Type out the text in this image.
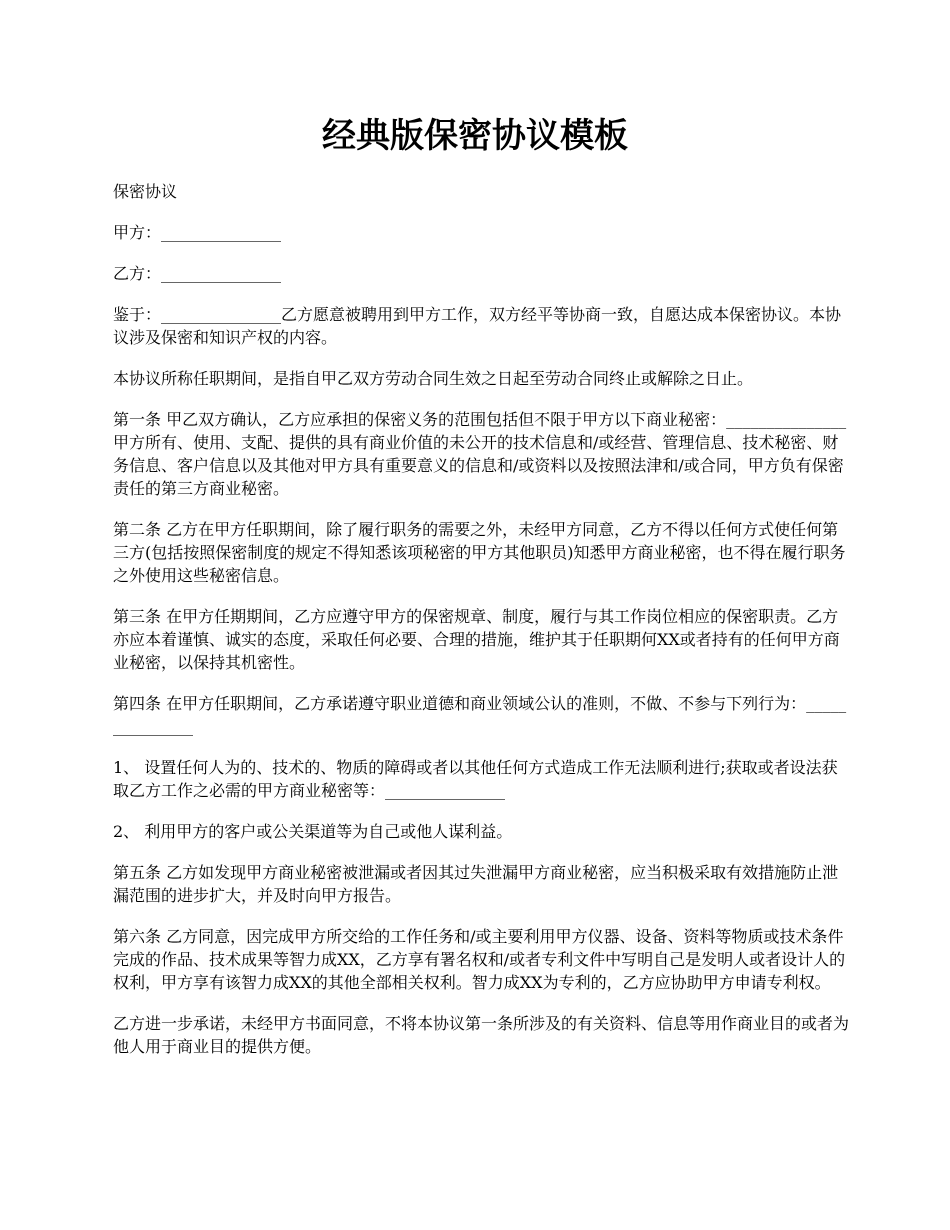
经典版保密协议模板

保密协议

甲方：_______________

乙方：_______________

鉴于：_______________乙方愿意被聘用到甲方工作，双方经平等协商一致，自愿达成本保密协议。本协议涉及保密和知识产权的内容。

本协议所称任职期间，是指自甲乙双方劳动合同生效之日起至劳动合同终止或解除之日止。

第一条 甲乙双方确认，乙方应承担的保密义务的范围包括但不限于甲方以下商业秘密：_______________甲方所有、使用、支配、提供的具有商业价值的未公开的技术信息和/或经营、管理信息、技术秘密、财务信息、客户信息以及其他对甲方具有重要意义的信息和/或资料以及按照法津和/或合同，甲方负有保密责任的第三方商业秘密。

第二条 乙方在甲方任职期间，除了履行职务的需要之外，未经甲方同意，乙方不得以任何方式使任何第三方(包括按照保密制度的规定不得知悉该项秘密的甲方其他职员)知悉甲方商业秘密，也不得在履行职务之外使用这些秘密信息。

第三条 在甲方任期期间，乙方应遵守甲方的保密规章、制度，履行与其工作岗位相应的保密职责。乙方亦应本着谨慎、诚实的态度，采取任何必要、合理的措施，维护其于任职期何XX或者持有的任何甲方商业秘密，以保持其机密性。

第四条 在甲方任职期间，乙方承诺遵守职业道德和商业领域公认的准则，不做、不参与下列行为：_______________

1、 设置任何人为的、技术的、物质的障碍或者以其他任何方式造成工作无法顺利进行;获取或者设法获取乙方工作之必需的甲方商业秘密等：_______________

2、 利用甲方的客户或公关渠道等为自己或他人谋利益。

第五条 乙方如发现甲方商业秘密被泄漏或者因其过失泄漏甲方商业秘密，应当积极采取有效措施防止泄漏范围的进步扩大，并及时向甲方报告。

第六条 乙方同意，因完成甲方所交给的工作任务和/或主要利用甲方仪器、设备、资料等物质或技术条件完成的作品、技术成果等智力成XX，乙方享有署名权和/或者专利文件中写明自己是发明人或者设计人的权利，甲方享有该智力成XX的其他全部相关权利。智力成XX为专利的，乙方应协助甲方申请专利权。

乙方进一步承诺，未经甲方书面同意，不将本协议第一条所涉及的有关资料、信息等用作商业目的或者为他人用于商业目的提供方便。
